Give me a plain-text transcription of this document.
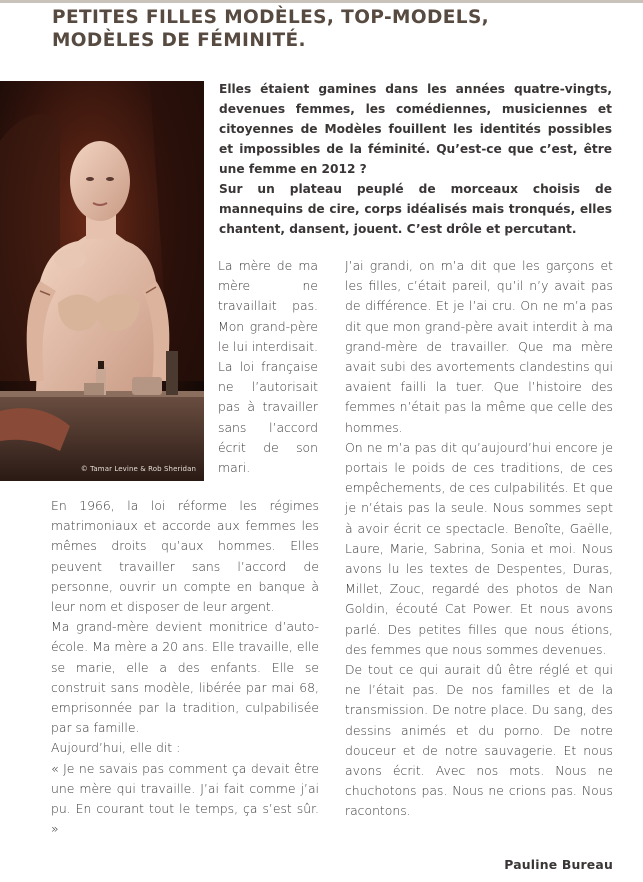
PETITES FILLES MODÈLES, TOP-MODELS,
MODÈLES DE FÉMINITÉ.
© Tamar Levine & Rob Sheridan

Elles étaient gamines dans les années quatre-vingts, devenues femmes, les comédiennes, musiciennes et citoyennes de Modèles fouillent les identités possibles et impossibles de la féminité. Qu’est-ce que c’est, être une femme en 2012 ?

Sur un plateau peuplé de morceaux choisis de mannequins de cire, corps idéalisés mais tronqués, elles chantent, dansent, jouent. C’est drôle et percutant.

La mère de ma mère ne travaillait pas. Mon grand-père le lui interdisait. La loi française ne l’autorisait pas à travailler sans l’accord écrit de son mari.

En 1966, la loi réforme les régimes matrimoniaux et accorde aux femmes les mêmes droits qu’aux hommes. Elles peuvent travailler sans l’accord de personne, ouvrir un compte en banque à leur nom et disposer de leur argent.

Ma grand-mère devient monitrice d’auto-école. Ma mère a 20 ans. Elle travaille, elle se marie, elle a des enfants. Elle se construit sans modèle, libérée par mai 68, emprisonnée par la tradition, culpabilisée par sa famille.

Aujourd’hui, elle dit :

« Je ne savais pas comment ça devait être une mère qui travaille. J’ai fait comme j’ai pu. En courant tout le temps, ça s’est sûr. »

J’ai grandi, on m’a dit que les garçons et les filles, c’était pareil, qu’il n’y avait pas de différence. Et je l’ai cru. On ne m’a pas dit que mon grand-père avait interdit à ma grand-mère de travailler. Que ma mère avait subi des avortements clandestins qui avaient failli la tuer. Que l’histoire des femmes n’était pas la même que celle des hommes.

On ne m’a pas dit qu’aujourd’hui encore je portais le poids de ces traditions, de ces empêchements, de ces culpabilités. Et que je n’étais pas la seule. Nous sommes sept à avoir écrit ce spectacle. Benoîte, Gaëlle, Laure, Marie, Sabrina, Sonia et moi. Nous avons lu les textes de Despentes, Duras, Millet, Zouc, regardé des photos de Nan Goldin, écouté Cat Power. Et nous avons parlé. Des petites filles que nous étions, des femmes que nous sommes devenues.

De tout ce qui aurait dû être réglé et qui ne l’était pas. De nos familles et de la transmission. De notre place. Du sang, des dessins animés et du porno. De notre douceur et de notre sauvagerie. Et nous avons écrit. Avec nos mots. Nous ne chuchotons pas. Nous ne crions pas. Nous racontons.

Pauline Bureau
